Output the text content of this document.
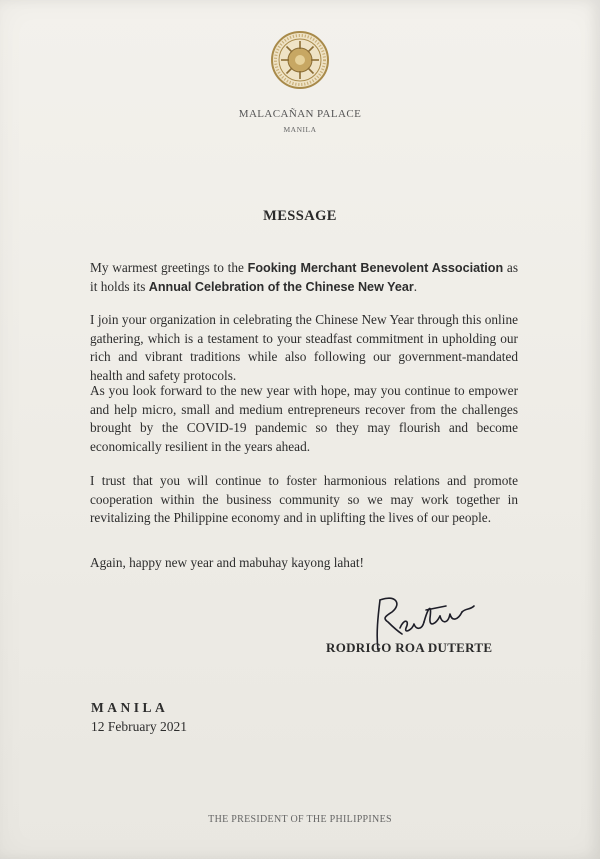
MALACAÑAN PALACE
MANILA
MESSAGE

My warmest greetings to the Fooking Merchant Benevolent Association as it holds its Annual Celebration of the Chinese New Year.

I join your organization in celebrating the Chinese New Year through this online gathering, which is a testament to your steadfast commitment in upholding our rich and vibrant traditions while also following our government-mandated health and safety protocols.

As you look forward to the new year with hope, may you continue to empower and help micro, small and medium entrepreneurs recover from the challenges brought by the COVID-19 pandemic so they may flourish and become economically resilient in the years ahead.

I trust that you will continue to foster harmonious relations and promote cooperation within the business community so we may work together in revitalizing the Philippine economy and in uplifting the lives of our people.

Again, happy new year and mabuhay kayong lahat!

RODRIGO ROA DUTERTE
MANILA
12 February 2021
THE PRESIDENT OF THE PHILIPPINES
